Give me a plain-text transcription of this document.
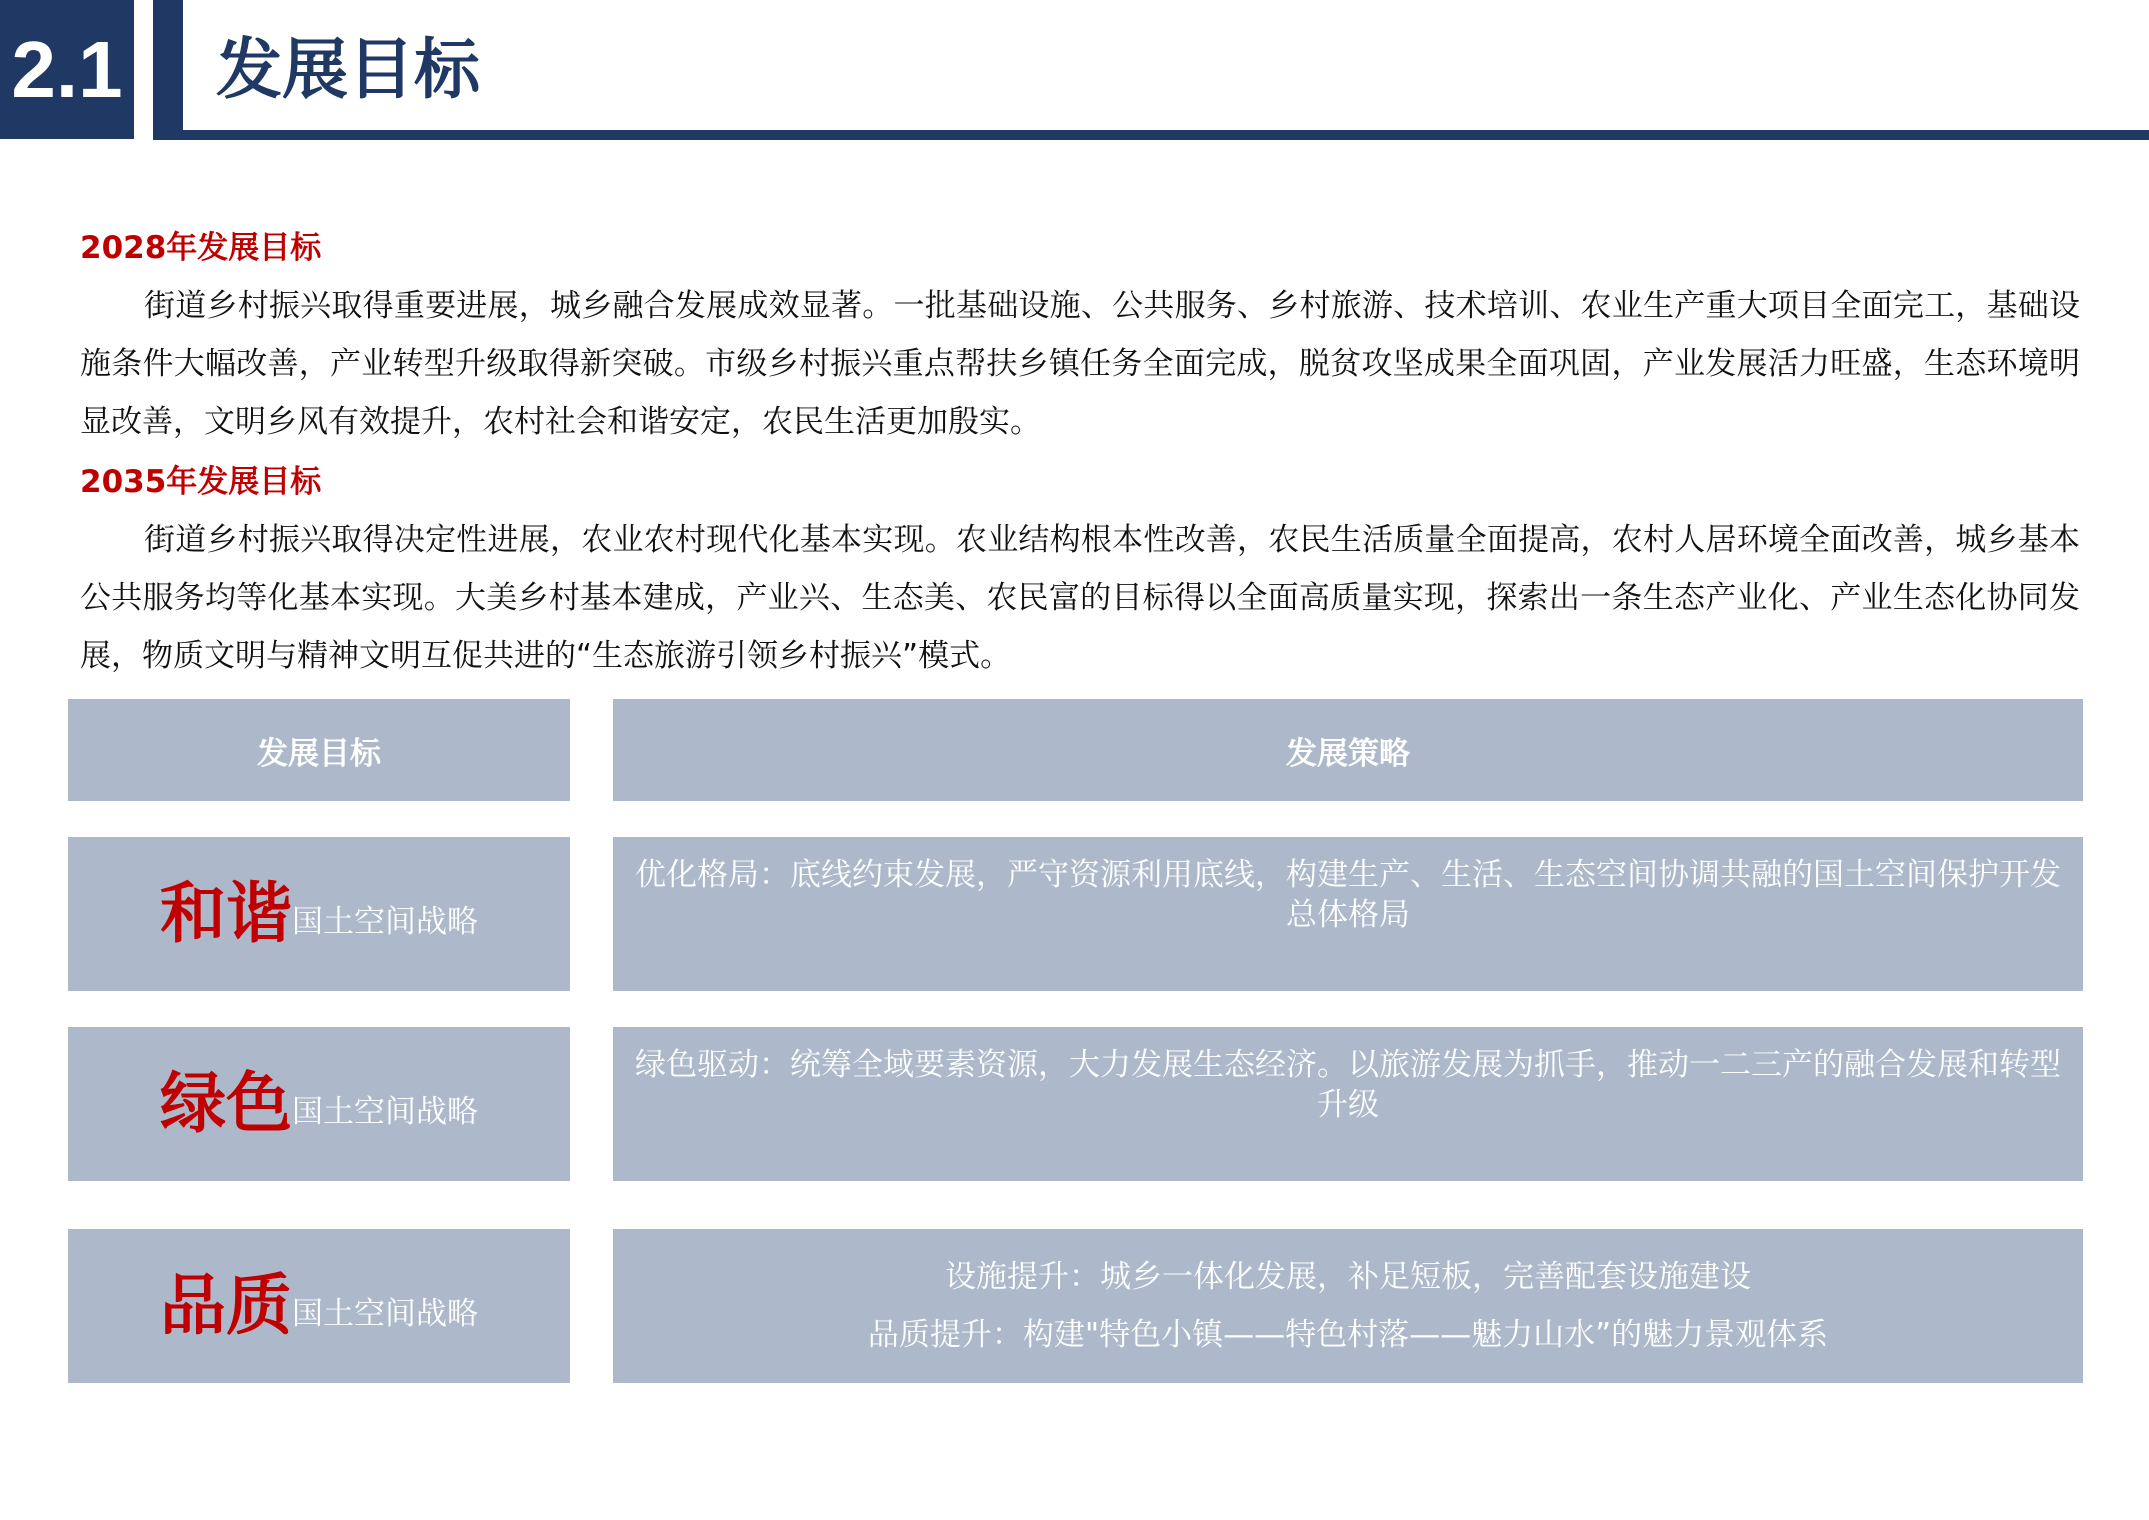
2.1 发展目标
2028年发展目标
街道乡村振兴取得重要进展，城乡融合发展成效显著。一批基础设施、公共服务、乡村旅游、技术培训、农业生产重大项目全面完工，基础设施条件大幅改善，产业转型升级取得新突破。市级乡村振兴重点帮扶乡镇任务全面完成，脱贫攻坚成果全面巩固，产业发展活力旺盛，生态环境明显改善，文明乡风有效提升，农村社会和谐安定，农民生活更加殷实。
2035年发展目标
街道乡村振兴取得决定性进展，农业农村现代化基本实现。农业结构根本性改善，农民生活质量全面提高，农村人居环境全面改善，城乡基本公共服务均等化基本实现。大美乡村基本建成，产业兴、生态美、农民富的目标得以全面高质量实现，探索出一条生态产业化、产业生态化协同发展，物质文明与精神文明互促共进的“生态旅游引领乡村振兴”模式。
发展目标	发展策略
和谐 国土空间战略
优化格局：底线约束发展，严守资源利用底线，构建生产、生活、生态空间协调共融的国土空间保护开发总体格局
绿色 国土空间战略
绿色驱动：统筹全域要素资源，大力发展生态经济。以旅游发展为抓手，推动一二三产的融合发展和转型升级
品质 国土空间战略
设施提升：城乡一体化发展，补足短板，完善配套设施建设
品质提升：构建"特色小镇——特色村落——魅力山水”的魅力景观体系
